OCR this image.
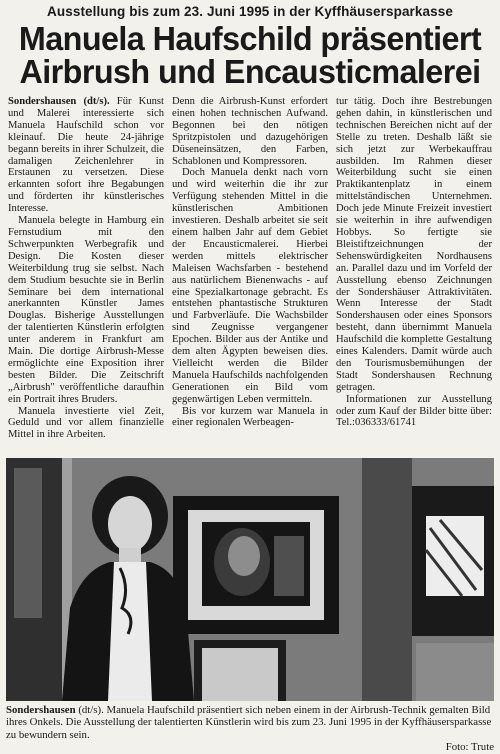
Ausstellung bis zum 23. Juni 1995 in der Kyffhäusersparkasse
Manuela Haufschild präsentiert
Airbrush und Encausticmalerei

Sondershausen (dt/s). Für Kunst und Malerei interessierte sich Manuela Haufschild schon vor kleinauf. Die heute 24-jährige begann bereits in ihrer Schulzeit, die damaligen Zeichenlehrer in Erstaunen zu versetzen. Diese erkannten sofort ihre Begabungen und förderten ihr künstlerisches Interesse.

Manuela belegte in Hamburg ein Fernstudium mit den Schwerpunkten Werbegrafik und Design. Die Kosten dieser Weiterbildung trug sie selbst. Nach dem Studium besuchte sie in Berlin Seminare bei dem international anerkannten Künstler James Douglas. Bisherige Ausstellungen der talentierten Künstlerin erfolgten unter anderem in Frankfurt am Main. Die dortige Airbrush-Messe ermöglichte eine Exposition ihrer besten Bilder. Die Zeitschrift „Airbrush" veröffentliche daraufhin ein Portrait ihres Bruders.

Manuela investierte viel Zeit, Geduld und vor allem finanzielle Mittel in ihre Arbeiten.

Denn die Airbrush-Kunst erfordert einen hohen technischen Aufwand. Begonnen bei den nötigen Spritzpistolen und dazugehörigen Düseneinsätzen, den Farben, Schablonen und Kompressoren.

Doch Manuela denkt nach vorn und wird weiterhin die ihr zur Verfügung stehenden Mittel in die künstlerischen Ambitionen investieren. Deshalb arbeitet sie seit einem halben Jahr auf dem Gebiet der Encausticmalerei. Hierbei werden mittels elektrischer Maleisen Wachsfarben - bestehend aus natürlichem Bienenwachs - auf eine Spezialkartonage gebracht. Es entstehen phantastische Strukturen und Farbverläufe. Die Wachsbilder sind Zeugnisse vergangener Epochen. Bilder aus der Antike und dem alten Ägypten beweisen dies. Vielleicht werden die Bilder Manuela Haufschilds nachfolgenden Generationen ein Bild vom gegenwärtigen Leben vermitteln.

Bis vor kurzem war Manuela in einer regionalen Werbeagen-

tur tätig. Doch ihre Bestrebungen gehen dahin, in künstlerischen und technischen Bereichen nicht auf der Stelle zu treten. Deshalb läßt sie sich jetzt zur Werbekauffrau ausbilden. Im Rahmen dieser Weiterbildung sucht sie einen Praktikantenplatz in einem mittelständischen Unternehmen. Doch jede Minute Freizeit investiert sie weiterhin in ihre aufwendigen Hobbys. So fertigte sie Bleistiftzeichnungen der Sehenswürdigkeiten Nordhausens an. Parallel dazu und im Vorfeld der Ausstellung ebenso Zeichnungen der Sondershäuser Attraktivitäten. Wenn Interesse der Stadt Sondershausen oder eines Sponsors besteht, dann übernimmt Manuela Haufschild die komplette Gestaltung eines Kalenders. Damit würde auch den Tourismusbemühungen der Stadt Sondershausen Rechnung getragen.

Informationen zur Ausstellung oder zum Kauf der Bilder bitte über: Tel.:036333/61741

Sondershausen (dt/s). Manuela Haufschild präsentiert sich neben einem in der Airbrush-Technik gemalten Bild ihres Onkels. Die Ausstellung der talentierten Künstlerin wird bis zum 23. Juni 1995 in der Kyffhäusersparkasse zu bewundern sein.
Foto: Trute
